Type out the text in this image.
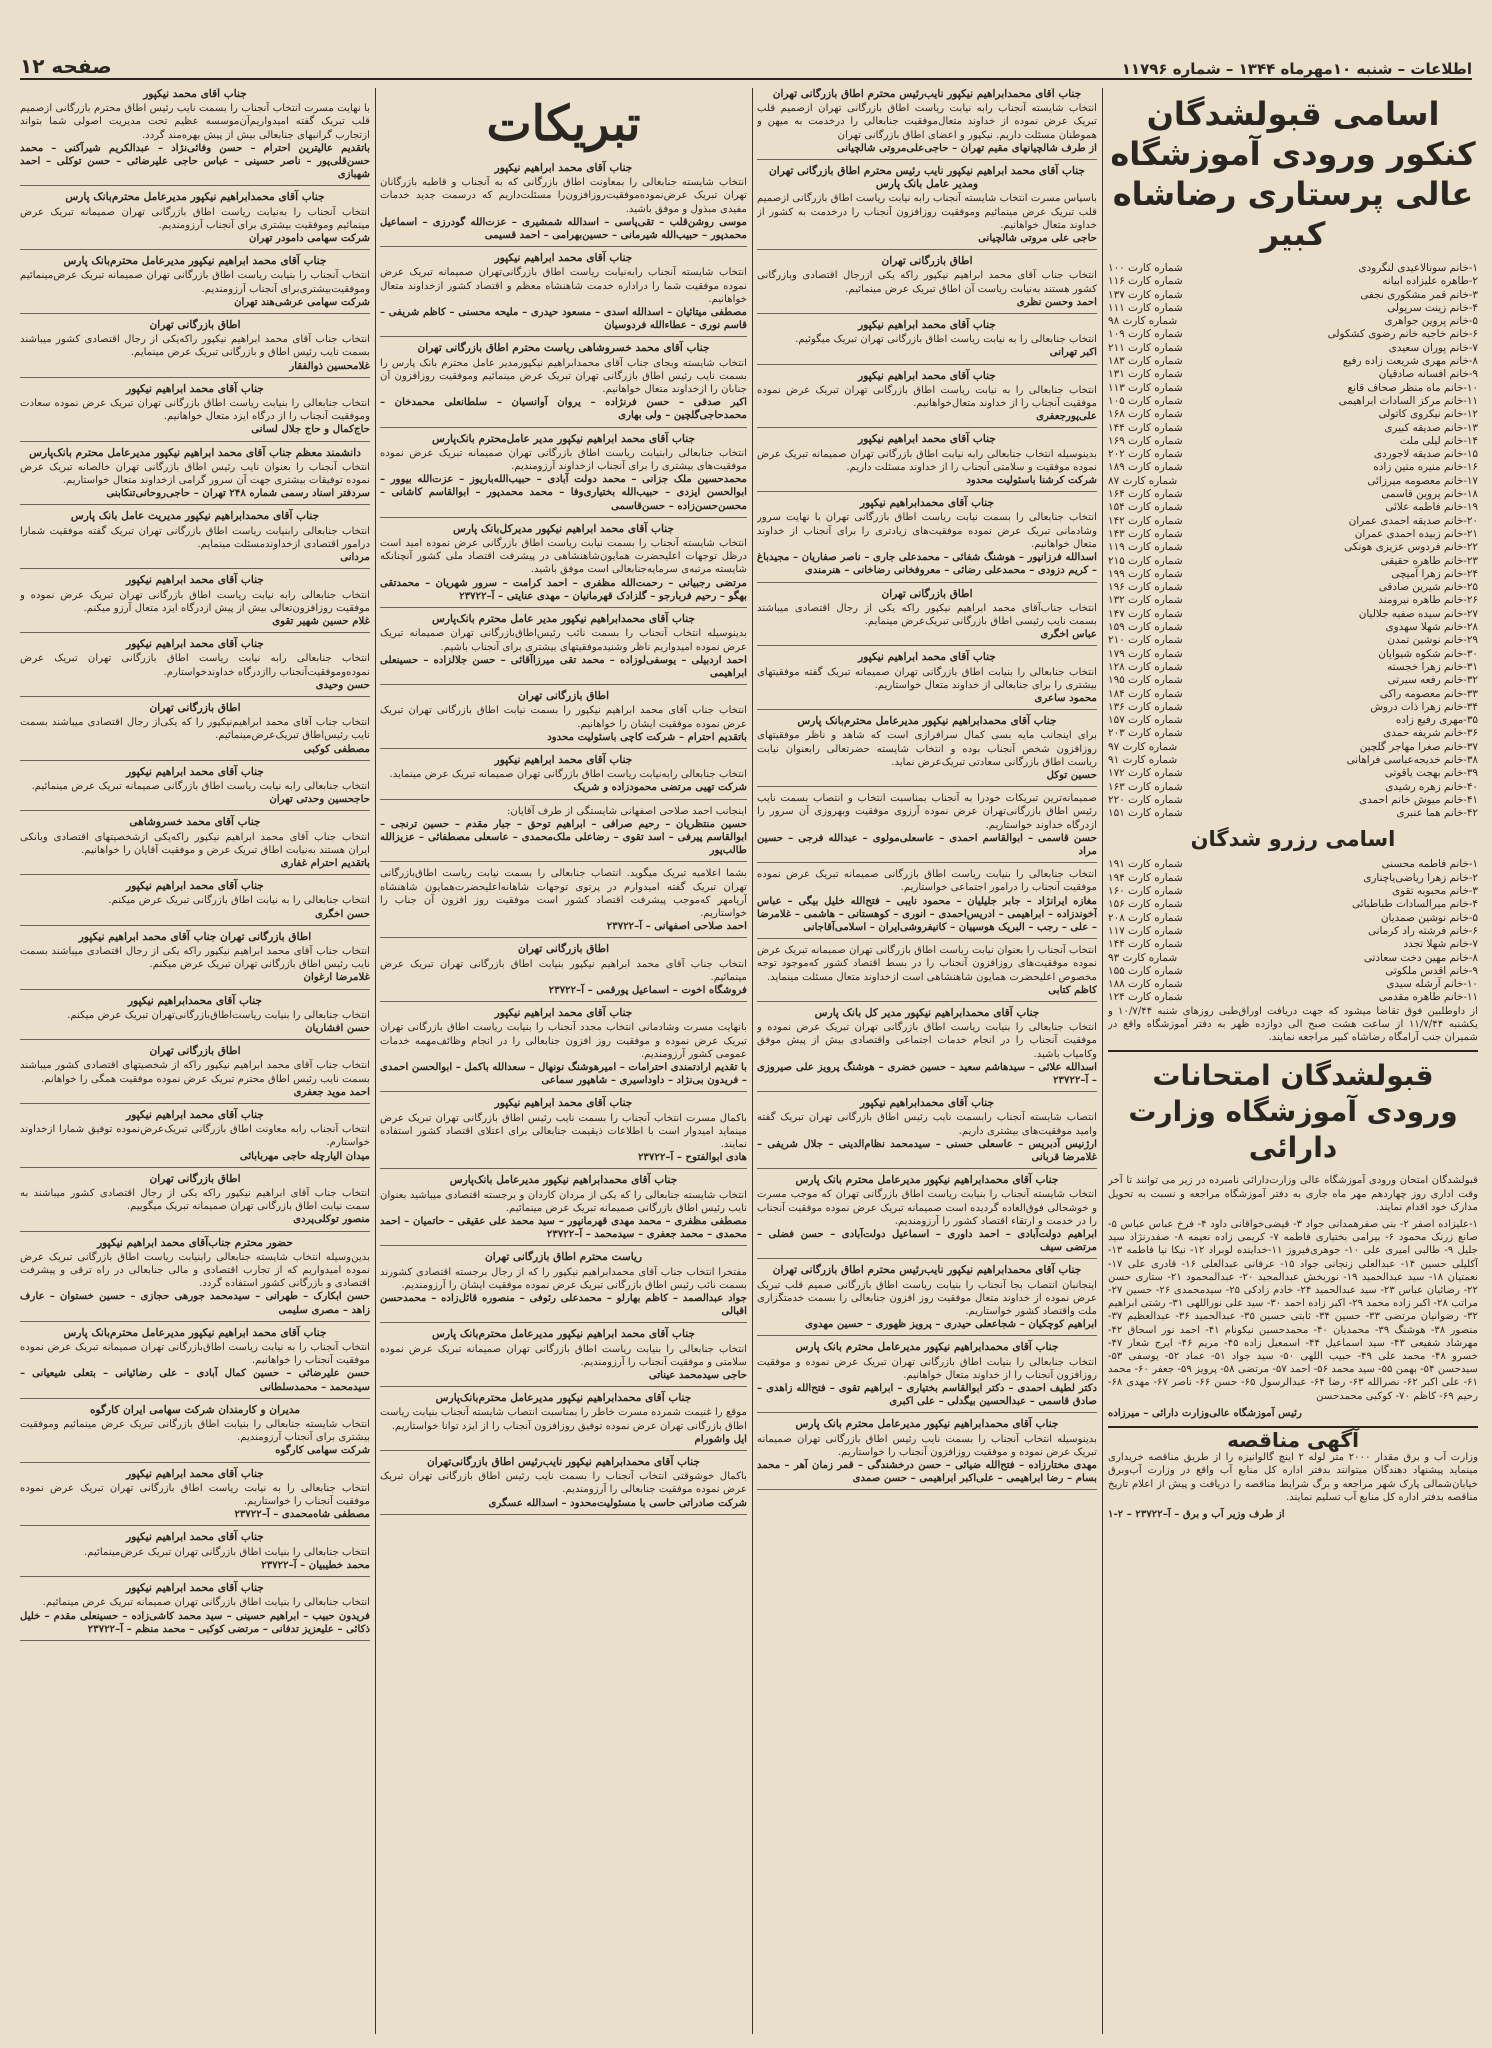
اطلاعات – شنبه ۱۰مهرماه ۱۳۴۴ – شماره ۱۱۷۹۶
صفحه ۱۲
اسامی قبولشدگان کنکور ورودی آموزشگاه عالی پرستاری رضاشاه کبیر
۱-خانم سونالاعیدی لنگرودی
شماره کارت ۱۰۰
۲-طاهره علیزاده ابیانه
شماره کارت ۱۱۶
۳-خانم قمر مشکوری نجفی
شماره کارت ۱۳۷
۴-خانم زینت سرپولی
شماره کارت ۱۱۱
۵-خانم پروین جواهری
شماره کارت ۹۸
۶-خانم خاجیه خانم رضوی کشکولی
شماره کارت ۱۰۹
۷-خانم پوران سعیدی
شماره کارت ۲۱۱
۸-خانم مهری شریعت زاده رفیع
شماره کارت ۱۸۳
۹-خانم افسانه صادقیان
شماره کارت ۱۳۱
۱۰-خانم ماه منظر صحاف قانع
شماره کارت ۱۱۳
۱۱-خانم مرکز السادات ابراهیمی
شماره کارت ۱۰۵
۱۲-خانم نیکروی کاتولی
شماره کارت ۱۶۸
۱۳-خانم صدیقه کبیری
شماره کارت ۱۴۴
۱۴-خانم لیلی ملت
شماره کارت ۱۶۹
۱۵-خانم صدیقه لاجوردی
شماره کارت ۲۰۲
۱۶-خانم منیره متین زاده
شماره کارت ۱۸۹
۱۷-خانم معصومه میرزائی
شماره کارت ۸۷
۱۸-خانم پروین قاسمی
شماره کارت ۱۶۴
۱۹-خانم فاطمه علائی
شماره کارت ۱۵۴
۲۰-خانم صدیقه احمدی عمران
شماره کارت ۱۴۲
۲۱-خانم زبیده احمدی عمران
شماره کارت ۱۴۳
۲۲-خانم فردوس عزیزی هونکی
شماره کارت ۱۱۹
۲۳-خانم طاهره حقیقی
شماره کارت ۲۱۵
۲۴-خانم زهرا آمیچی
شماره کارت ۱۹۹
۲۵-خانم شیرین صادقی
شماره کارت ۱۹۶
۲۶-خانم طاهره نیرومند
شماره کارت ۱۳۲
۲۷-خانم سیده صفیه جلالیان
شماره کارت ۱۴۷
۲۸-خانم شهلا سهدوی
شماره کارت ۱۵۹
۲۹-خانم نوشین تمدن
شماره کارت ۲۱۰
۳۰-خانم شکوه شیوایان
شماره کارت ۱۷۹
۳۱-خانم زهرا خجسته
شماره کارت ۱۲۸
۳۲-خانم رفعه سیرتی
شماره کارت ۱۹۵
۳۳-خانم معصومه راکی
شماره کارت ۱۸۴
۳۴-خانم زهرا ذات دروش
شماره کارت ۱۳۶
۳۵-مهری رفیع زاده
شماره کارت ۱۵۷
۳۶-خانم شریفه حمدی
شماره کارت ۲۰۳
۳۷-خانم صغرا مهاجر گلچین
شماره کارت ۹۷
۳۸-خانم خدیجه‌عباسی فراهانی
شماره کارت ۹۱
۳۹-خانم بهجت یاقوتی
شماره کارت ۱۷۲
۴۰-خانم زهره رشیدی
شماره کارت ۱۶۳
۴۱-خانم میوش خانم احمدی
شماره کارت ۲۲۰
۴۲-خانم هما عنبری
شماره کارت ۱۵۱
اسامی رزرو شدگان
۱-خانم فاطمه محسنی
شماره کارت ۱۹۱
۲-خانم زهرا ریاضی‌یاچناری
شماره کارت ۱۹۴
۳-خانم محبوبه تقوی
شماره کارت ۱۶۰
۴-خانم میرالسادات طباطبائی
شماره کارت ۱۵۶
۵-خانم نوشین صمدیان
شماره کارت ۲۰۸
۶-خانم فرشته راد کرمانی
شماره کارت ۱۱۷
۷-خانم شهلا تجدد
شماره کارت ۱۴۴
۸-خانم مهین دخت سعادتی
شماره کارت ۹۳
۹-خانم اقدس ملکوتی
شماره کارت ۱۵۵
۱۰-خانم آرشله سیدی
شماره کارت ۱۸۸
۱۱-خانم طاهره مقدمی
شماره کارت ۱۲۴

از داوطلبین فوق تقاضا میشود که جهت دریافت اوراق‌طبی روزهای شنبه ۱۰/۷/۴۴ و یکشنبه ۱۱/۷/۴۴ از ساعت هشت صبح الی دوازده ظهر به دفتر آموزشگاه واقع در شمیران جنب آرامگاه رضاشاه کبیر مراجعه نمایند.

قبولشدگان امتحانات ورودی آموزشگاه وزارت دارائی

قبولشدگان امتحان ورودی آموزشگاه عالی وزارت‌دارائی نامبرده در زیر می توانند تا آخر وقت اداری روز چهاردهم مهر ماه جاری به دفتر آموزشگاه مراجعه و نسبت به تحویل مدارک خود اقدام نمایند.

۱-علیزاده اصفر ۲- بنی صفرهمدانی جواد ۳- قیضی‌خواقانی داود ۴- فرخ عباس عباس ۵- صانع زرنک محمود ۶- بیرامی بختیاری فاطمه ۷- کریمی زاده نعیمه ۸- صفدرنژاد سید جلیل ۹- طالبی امیری علی ۱۰- جوهری‌فیروز ۱۱-خداینده لوبراد ۱۲- نیکا نیا فاطمه ۱۳- آکلیلی حسین ۱۴- عبدالعلی زنجانی جواد ۱۵- عرفانی عبدالعلی ۱۶- قادری علی ۱۷- نعمتیان ۱۸- سید عبدالحمید ۱۹- نوربخش عبدالمجید ۲۰- عبدالمحمود ۲۱- ستاری حسن ۲۲- رضائیان عباس ۲۳- سید عبدالحمید ۲۴- خادم زادکی ۲۵- سیدمحمدی ۲۶- حسین ۲۷- مراتب ۲۸- اکبر زاده محمد ۲۹- اکبر زاده احمد ۳۰- سید علی نوراللهی ۳۱- رشتی ابراهیم ۳۲- رضوانیان مرتضی ۳۳- حسین ۳۴- ثابتی حسین ۳۵- عبدالحمید ۳۶- عبدالعظیم ۳۷- منصور ۳۸- هوشنگ ۳۹- محمدیان ۴۰- محمدحسین نیکونام ۴۱- احمد نور اسحاق ۴۲- مهرشاد شفیعی ۴۳- سید اسماعیل ۴۴- اسمعیل زاده ۴۵- مریم ۴۶- ایرج شعار ۴۷- خسرو ۴۸- محمد علی ۴۹- حبیب اللهی ۵۰- سید جواد ۵۱- عماد ۵۲- یوسفی ۵۳- سیدحسن ۵۴- بهمن ۵۵- سید محمد ۵۶- احمد ۵۷- مرتضی ۵۸- پرویز ۵۹- جعفر ۶۰- محمد ۶۱- علی اکبر ۶۲- نصرالله ۶۳- رضا ۶۴- عبدالرسول ۶۵- حسن ۶۶- ناصر ۶۷- مهدی ۶۸- رحیم ۶۹- کاظم ۷۰- کوکبی محمدحسن

رئیس آموزشگاه عالی‌وزارت دارائی – میرزاده

آگهی مناقصه

وزارت آب و برق مقدار ۲۰۰۰ متر لوله ۲ اینچ گالوانیزه را از طریق مناقصه خریداری مینماید پیشنهاد دهندگان میتوانند بدفتر اداره کل منابع آب واقع در وزارت آب‌وبرق خیابان‌شمالی پارک شهر مراجعه و برگ شرایط مناقصه را دریافت و پیش از اعلام تاریخ مناقصه بدفتر اداره کل منابع آب تسلیم نمایند.

از طرف وزیر آب و برق – آ–۲۳۷۲۲ – ۲-۱

جناب آقای محمدابراهیم نیکپور نایب‌رئیس محترم اطاق بازرگانی تهران
انتخاب شایسته آنجناب رابه نیابت ریاست اطاق بازرگانی تهران ازصمیم قلب تبریک عرض نموده از خداوند متعال‌موفقیت جنابعالی را درخدمت به میهن و هموطنان مسئلت داریم. نیکپور و اعضای اطاق بازرگانی تهران
از طرف شالچیانهای مقیم تهران – حاجی‌علی‌مروتی شالچیانی
جناب آقای محمد ابراهیم نیکپور نایب رئیس محترم اطاق بازرگانی تهران ومدیر عامل بانک پارس
باسپاس مسرت انتخاب شایسته آنجناب رابه نیابت ریاست اطاق بازرگانی ازصمیم قلب تبریک عرض مینمائیم وموفقیت روزافزون آنجناب را درخدمت به کشور از خداوند متعال خواهانیم.
حاجی علی مروتی شالچیانی
اطاق بازرگانی تهران
انتخاب جناب آقای محمد ابراهیم نیکپور راکه یکی ازرجال اقتصادی وبازرگانی کشور هستند به‌نیابت ریاست آن اطاق تبریک عرض مینمائیم.
احمد وحسن نظری
جناب آقای محمد ابراهیم نیکپور
انتخاب جنابعالی را به نیابت ریاست اطاق بازرگانی تهران تبریک میگوئیم.
اکبر تهرانی
جناب آقای محمد ابراهیم نیکپور
انتخاب جنابعالی را به نیابت ریاست اطاق بازرگانی تهران تبریک عرض نموده موفقیت آنجناب را از خداوند متعال‌خواهانیم.
علی‌پورجعفری
جناب آقای محمد ابراهیم نیکپور
بدینوسیله انتخاب جنابعالی رابه نیابت اطاق بازرگانی تهران صمیمانه تبریک عرض نموده موفقیت و سلامتی آنجناب را از خداوند مسئلت داریم.
شرکت کرشنا باسئولیت محدود
جناب آقای محمدابراهیم نیکپور
انتخاب جنابعالی را بسمت نیابت ریاست اطاق بازرگانی تهران با نهایت سرور وشادمانی تبریک عرض نموده موفقیت‌های زیادتری را برای آنجناب از خداوند متعال خواهانیم.
اسدالله فرزانپور – هوشنگ شفائی – محمدعلی جاری – ناصر صفاریان – مجید‌باغ – کریم دزودی – محمدعلی رضائی – معروفخانی رضاخانی – هنرمندی
اطاق بازرگانی تهران
انتخاب جناب‌آقای محمد ابراهیم نیکپور راکه یکی از رجال اقتصادی میباشند بسمت نایب رئیسی اطاق بازرگانی تبریک‌عرض مینمایم.
عباس اخگری
جناب آقای محمد ابراهیم نیکپور
انتخاب جنابعالی را بنیابت اطاق بازرگانی تهران صمیمانه تبریک گفته موفقیتهای بیشتری را برای جنابعالی از خداوند متعال خواستاریم.
محمود ساعری
جناب آقای محمدابراهیم نیکپور مدیرعامل محترم‌بانک پارس
برای اینجانب مایه بسی کمال سرافرازی است که شاهد و ناظر موفقیتهای روزافزون شخص آنجناب بوده و انتخاب شایسته حضرتعالی رابعنوان نیابت ریاست اطاق بازرگانی سعادتی تبریک‌عرض نماید.
حسین توکل
صمیمانه‌ترین تبریکات خودرا به آنجناب بمناسبت انتخاب و انتصاب بسمت نایب رئیس اطاق بازرگانی‌تهران عرض نموده آرزوی موفقیت وبهروزی آن سرور را ازدرگاه خداوند خواستاریم.
حسن قاسمی – ابوالقاسم احمدی – عاسعلی‌مولوی – عبدالله فرجی – حسین مراد
انتخاب جنابعالی را بنیابت ریاست اطاق بازرگانی صمیمانه تبریک عرض نموده موفقیت آنجناب را درامور اجتماعی خواستاریم.
مغازه ایرانژاد – جابر جلیلیان – محمود نایبی – فتح‌الله خلیل بیگی – عباس آخوندزاده – ابراهیمی – ادریس‌احمدی – انوری – کوهستانی – هاشمی – غلامرضا – علی – رجب – البریک هوسپیان – کانیفروشی‌ایران – اسلامی‌آقاجانی
انتخاب آنجناب را بعنوان نیابت ریاست اطاق بازرگانی تهران صمیمانه تبریک عرض نموده موفقیت‌های روزافزون آنجناب را در بسط اقتصاد کشور که‌موجود توجه مخصوص اعلیحضرت همایون شاهنشاهی است ازخداوند متعال مسئلت مینماید.
کاظم کتابی
جناب آقای محمدابراهیم نیکپور مدیر کل بانک پارس
انتخاب جنابعالی را بنیابت ریاست اطاق بازرگانی تهران تبریک عرض نموده و موفقیت آنجناب را در انجام خدمات اجتماعی واقتصادی بیش از پیش موفق وکامیاب باشید.
اسدالله علائی – سیدهاشم سعید – حسین خضری – هوشنگ پرویز علی صیروزی – آ–۲۳۷۲۲
جناب آقای محمدابراهیم نیکپور
انتصاب شایسته آنجناب رابسمت نایب رئیس اطاق بازرگانی تهران تبریک گفته وامید موفقیت‌های بیشتری داریم.
ارژنیس آدبریس – عاسعلی حسنی – سیدمحمد نظام‌الدینی – جلال شریفی – غلامرضا قربانی
جناب آقای محمدابراهیم نیکپور مدیرعامل محترم بانک پارس
انتخاب شایسته آنجناب را بنیابت ریاست اطاق بازرگانی تهران که موجب مسرت و خوشحالی فوق‌العاده گردیده است صمیمانه تبریک عرض نموده موفقیت آنجناب را در خدمت و ارتقاء اقتصاد کشور را آرزومندیم.
ابراهیم دولت‌آبادی – احمد داوری – اسماعیل دولت‌آبادی – حسن فضلی – مرتضی سیف
جناب آقای محمدابراهیم نیکپور نایب‌رئیس محترم اطاق بازرگانی تهران
اینجانبان انتصاب بجا آنجناب را بنیابت ریاست اطاق بازرگانی صمیم قلب تبریک عرض نموده از خداوند متعال موفقیت روز افزون جنابعالی را بسمت خدمتگزاری ملت واقتصاد کشور خواستاریم.
ابراهیم کوچکیان – شجاععلی حیدری – پرویز ظهوری – حسین مهدوی
جناب آقای محمدابراهیم نیکپور مدیرعامل محترم بانک پارس
انتخاب جنابعالی را بنیابت اطاق بازرگانی تهران تبریک عرض نموده و موفقیت روزافزون آنجناب را از خداوند متعال خواهانیم.
دکتر لطیف احمدی – دکتر ابوالقاسم بختیاری – ابراهیم تقوی – فتح‌الله زاهدی – صادق قاسمی – عبدالحسین بیگدلی – علی اکبری
جناب آقای محمدابراهیم نیکپور مدیرعامل محترم بانک پارس
بدینوسیله انتخاب آنجناب را بسمت نایب رئیس اطاق بازرگانی تهران صمیمانه تبریک عرض نموده و موفقیت روزافزون آنجناب را خواستاریم.
مهدی مختارزاده – فتح‌الله ضیائی – حسن درخشندگی – قمر زمان آهر – محمد بسام – رضا ابراهیمی – علی‌اکبر ابراهیمی – حسن صمدی
تبریکات
جناب آقای محمد ابراهیم نیکپور
انتخاب شایسته جنابعالی را بمعاونت اطاق بازرگانی که به آنجناب و قاطبه بازرگانان تهران تبریک عرض‌نموده‌موفقیت‌روز‌افزون‌را مسئلت‌داریم که درسمت جدید خدمات مفیدی مبذول و موفق باشید.
موسی روشن‌قلب – تقی‌پاسی – اسدالله شمشیری – عزت‌الله گودرزی – اسماعیل محمدپور – حبیب‌الله شیرمانی – حسین‌بهرامی – احمد قسیمی
جناب آقای محمد ابراهیم نیکپور
انتخاب شایسته آنجناب رابه‌نیابت ریاست اطاق بازرگانی‌تهران صمیمانه تبریک عرض نموده موفقیت شما را دراداره خدمت شاهنشاه معظم و اقتصاد کشور ازخداوند متعال خواهانیم.
مصطفی میتائیان – اسدالله اسدی – مسعود حیدری – ملیحه محسنی – کاظم شریفی – قاسم نوری – عطاءالله فردوسیان
جناب آقای محمد خسروشاهی ریاست محترم اطاق بازرگانی تهران
انتخاب شایسته وبجای جناب آقای محمدابراهیم نیکپورمدیر عامل محترم بانک پارس را بسمت نایب رئیس اطاق بازرگانی تهران تبریک عرض مینمائیم وموفقیت روزافزون آن جنابان را ازخداوند متعال خواهانیم.
اکبر صدقی – حسن فرنژاده – یروان آوانسیان – سلطانعلی محمدخان – محمدحاجی‌گلچین – ولی بهاری
جناب آقای محمد ابراهیم نیکپور مدیر عامل‌محترم بانک‌پارس
انتخاب جنابعالی رابنیابت ریاست اطاق بازرگانی تهران صمیمانه تبریک عرض نموده موفقیت‌های بیشتری را برای آنجناب ازخداوند آرزومندیم.
محمدحسین ملک جزانی – محمد دولت آبادی – حبیب‌الله‌باریوز – عزت‌الله بیوور – ابوالحسن ایزدی – حبیب‌الله بختیاری‌وفا – محمد محمدپور – ابوالقاسم کاشانی – محسن‌حسن‌زاده – حسن‌قاسمی
جناب آقای محمد ابراهیم نیکپور مدیرکل‌بانک پارس
انتخاب شایسته آنجناب را بسمت نیابت ریاست اطاق بازرگانی عرض نموده امید است درظل توجهات اعلیحضرت همایون‌شاهنشاهی در پیشرفت اقتصاد ملی کشور آنچنانکه شایسته مرتبه‌ی سرمایه‌جنابعالی است موفق باشید.
مرتضی رجبیانی – رحمت‌الله مظفری – احمد کرامت – سرور شهریان – محمدتقی بهگو – رحیم فربارجو – گلزادک قهرمانیان – مهدی عنایتی – آ–۲۳۷۲۲
جناب آقای محمدابراهیم نیکپور مدیر عامل محترم بانک‌پارس
بدینوسیله انتخاب آنجناب را بسمت نائب رئیس‌اطاق‌بازرگانی تهران صمیمانه تبریک عرض نموده امیدواریم ناظر وشنیدموفقیتهای بیشتری برای آنجناب باشیم.
احمد اردبیلی – یوسفی‌لوزاده – محمد تقی میرزاآقائی – حسن جلالزاده – حسینعلی ابراهیمی
اطاق بازرگانی تهران
انتخاب جناب آقای محمد ابراهیم نیکپور را بسمت نیابت اطاق بازرگانی تهران تبریک عرض نموده موفقیت ایشان را خواهانیم.
باتقدیم احترام – شرکت کاچی باسئولیت محدود
جناب آقای محمد ابراهیم نیکپور
انتخاب جنابعالی رابه‌نیابت ریاست اطاق بازرگانی تهران صمیمانه تبریک عرض مینماید.
شرکت تهیی مرتضی محمودزاده و شریک
اینجانب احمد صلاحی اصفهانی شایستگی از طرف آقایان:
حسین منتظریان – رحیم صرافی – ابراهیم توحق – جبار مقدم – حسین ترنجی – ابوالقاسم پیرفی – اسد تقوی – رضاعلی ملک‌محمدی – عاسعلی مصطفائی – عزیزالله طالب‌پور
بشما اعلامیه تبریک میگوید. انتصاب جنابعالی را بسمت نیابت ریاست اطاق‌بازرگانی تهران تبریک گفته امیدوارم در پرتوی توجهات شاهانه‌اعلیحضرت‌همایون شاهنشاه آریامهر که‌موجب پیشرفت اقتصاد کشور است موفقیت روز افزون آن جناب را خواستاریم.
احمد صلاحی اصفهانی – آ–۲۳۷۲۲
اطاق بازرگانی تهران
انتخاب جناب آقای محمد ابراهیم نیکپور بنیابت اطاق بازرگانی تهران تبریک عرض مینمائیم.
فروشگاه اخوت – اسماعیل پورقمی – آ–۲۳۷۲۲
جناب آقای محمد ابراهیم نیکپور
بانهایت مسرت وشادمانی انتخاب مجدد آنجناب را بنیابت ریاست اطاق بازرگانی تهران تبریک عرض نموده و موفقیت روز افزون جنابعالی را در انجام وظائف‌مهمه خدمات عمومی کشور آرزومندیم.
با تقدیم ارادتمندی احترامات – امیرهوشنگ نونهال – سعدالله باکمل – ابوالحسن احمدی – فریدون بی‌نژاد – داوداسیری – شاهپور سماعی
جناب آقای محمد ابراهیم نیکپور
باکمال مسرت انتخاب آنجناب را بسمت نایب رئیس اطاق بازرگانی تهران تبریک عرض مینماید امیدوار است با اطلاعات ذیقیمت جنابعالی برای اعتلای اقتصاد کشور استفاده نمایند.
هادی ابوالفتوح – آ–۲۳۷۲۲
جناب آقای محمدابراهیم نیکپور مدیرعامل بانک‌پارس
انتخاب شایسته جنابعالی را که یکی از مردان کاردان و برجسته اقتصادی میباشید بعنوان نایب رئیس اطاق بازرگانی صمیمانه تبریک عرض مینمائیم.
مصطفی مظفری – محمد مهدی قهرمانپور – سید محمد علی عقیقی – حاتمیان – احمد محمدی – محمد جعفری – سیدمحمد – آ–۲۳۷۲۲
ریاست محترم اطاق بازرگانی تهران
مفتخرا انتخاب جناب آقای محمدابراهیم نیکپور را که از رجال برجسته اقتصادی کشورند بسمت نائب رئیس اطاق بازرگانی تبریک عرض نموده موفقیت ایشان را آرزومندیم.
جواد عبدالصمد – کاظم بهارلو – محمدعلی رئوفی – منصوره قائل‌زاده – محمدحسن اقبالی
جناب آقای محمد ابراهیم نیکپور مدیرعامل محترم‌بانک پارس
انتخاب جنابعالی را بنیابت ریاست اطاق بازرگانی تهران صمیمانه تبریک عرض نموده سلامتی و موفقیت آنجناب را آرزومندیم.
حاجی سیدمحمد عیناتی
جناب آقای محمدابراهیم نیکپور مدیرعامل محترم‌بانک‌پارس
موقع را غنیمت شمرده مسرت خاطر را بمناسبت انتصاب شایسته آنجناب بنیابت ریاست اطاق بازرگانی تهران عرض نموده توفیق روزافزون آنجناب را از ایزد توانا خواستاریم.
ایل واشورام
جناب آقای محمدابراهیم نیکپور نایب‌رئیس اطاق بازرگانی‌تهران
باکمال خوشوقتی انتخاب آنجناب را بسمت نایب رئیس اطاق بازرگانی تهران تبریک عرض نموده موفقیت جنابعالی را آرزومندیم.
شرکت صادراتی حاسی با مسئولیت‌محدود – اسدالله عسگری
جناب آقای محمد نیکپور
با نهایت مسرت انتخاب آنجناب را بسمت نایب رئیس اطاق محترم بازرگانی ازصمیم قلب تبریک گفته امیدواریم‌آن‌موسسه عظیم تحت مدیریت اصولی شما بتواند ازتجارب گرانبهای جنابعالی بیش از پیش بهره‌مند گردد.
باتقدیم عالیترین احترام – حسن وفائی‌نژاد – عبدالکریم شیرآکنی – محمد حسن‌قلی‌پور – ناصر حسینی – عباس حاجی علیرضائی – حسن توکلی – احمد شهبازی
جناب آقای محمدابراهیم نیکپور مدیرعامل محترم‌بانک پارس
انتخاب آنجناب را به‌نیابت ریاست اطاق بازرگانی تهران صمیمانه تبریک عرض مینمائیم وموفقیت بیشتری برای آنجناب آرزومندیم.
شرکت سهامی دامودر تهران
جناب آقای محمد ابراهیم نیکپور مدیرعامل محترم‌بانک پارس
انتخاب آنجناب را بنیابت ریاست اطاق بازرگانی تهران صمیمانه تبریک عرض‌مینمائیم وموفقیت‌بیشتری‌برای آنجناب آرزومندیم.
شرکت سهامی عرشی‌هند تهران
اطاق بازرگانی تهران
انتخاب جناب آقای محمد ابراهیم نیکپور راکه‌یکی از رجال اقتصادی کشور میباشند بسمت نایب رئیس اطاق و بازرگانی تبریک عرض مینمایم.
غلامحسین ذوالفقار
جناب آقای محمد ابراهیم نیکپور
انتخاب جنابعالی را بنیابت ریاست اطاق بازرگانی تهران تبریک عرض نموده سعادت وموفقیت آنجناب را از درگاه ایزد متعال خواهانیم.
حاج‌کمال و حاج جلال لسانی
دانشمند معظم جناب آقای محمد ابراهیم نیکپور مدیرعامل محترم بانک‌پارس
انتخاب آنجناب را بعنوان نایب رئیس اطاق بازرگانی تهران خالصانه تبریک عرض نموده توفیقات بیشتری جهت آن سرور گرامی ازخداوند متعال خواستاریم.
سردفتر اسناد رسمی شماره ۲۴۸ تهران – حاجی‌روحانی‌تنکابنی
جناب آقای محمدابراهیم نیکپور مدیریت عامل بانک پارس
انتخاب جنابعالی رابنیابت ریاست اطاق بازرگانی تهران تبریک گفته موفقیت شمارا درامور اقتصادی ازخداوند‌مسئلت مینمایم.
مردانی
جناب آقای محمد ابراهیم نیکپور
انتخاب جنابعالی رابه نیابت ریاست اطاق بازرگانی تهران تبریک عرض نموده و موفقیت روزافزون‌تعالی بیش از پیش ازدرگاه ایزد متعال آرزو میکنم.
غلام حسین شهیر تقوی
جناب آقای محمد ابراهیم نیکپور
انتخاب جنابعالی رابه نیابت ریاست اطاق بازرگانی تهران تبریک عرض نموده‌وموفقیت‌آنجناب راازدرگاه خداوندخواستارم.
حسن وحیدی
اطاق بازرگانی تهران
انتخاب جناب آقای محمد ابراهیم‌نیکپور را که یکی‌از رجال اقتصادی میباشند بسمت نایب رئیس‌اطاق تبریک‌عرض‌مینمائیم.
مصطفی کوکبی
جناب آقای محمد ابراهیم نیکپور
انتخاب جنابعالی رابه نیابت ریاست اطاق بازرگانی صمیمانه تبریک عرض مینمائیم.
حاجحسین وحدتی تهران
جناب آقای محمد خسروشاهی
انتخاب جناب آقای محمد ابراهیم نیکپور راکه‌یکی ازشخصیتهای اقتصادی وبانکی ایران هستند به‌نیابت اطاق تبریک عرض و موفقیت آقایان را خواهانیم.
باتقدیم احترام غفاری
جناب آقای محمد ابراهیم نیکپور
انتخاب جنابعالی را به نیابت اطاق بازرگانی تبریک عرض میکنم.
حسن اخگری
اطاق بازرگانی تهران جناب آقای محمد ابراهیم نیکپور
انتخاب جناب آقای محمد ابراهیم نیکپور راکه یکی از رجال اقتصادی میباشند بسمت نایب رئیس اطاق بازرگانی تهران تبریک عرض میکنم.
غلامرضا ارغوان
جناب آقای محمدابراهیم نیکپور
انتخاب جنابعالی را بنیابت ریاست‌اطاق‌بازرگانی‌تهران تبریک عرض میکنم.
حسن افشاریان
اطاق بازرگانی تهران
انتخاب جناب آقای محمد ابراهیم نیکپور راکه از شخصیتهای اقتصادی کشور میباشند بسمت نایب رئیس اطاق محترم تبریک عرض نموده موفقیت همگی را خواهانم.
احمد موید جعفری
جناب آقای محمد ابراهیم نیکپور
انتخاب آنجناب رابه معاونت اطاق بازرگانی تبریک‌عرض‌نموده توفیق شمارا ازخداوند خواستارم.
میدان الیارچله حاجی مهربابائی
اطاق بازرگانی تهران
انتخاب جناب آقای ابراهیم نیکپور راکه یکی از رجال اقتصادی کشور میباشند به سمت نیابت اطاق بازرگانی تهران صمیمانه تبریک میگوییم.
منصور توکلی‌پردی
حضور محترم جناب‌آقای محمد ابراهیم نیکپور
بدین‌وسیله انتخاب شایسته جنابعالی رابنیابت ریاست اطاق بازرگانی تبریک عرض نموده امیدواریم که از تجارب اقتصادی و مالی جنابعالی در راه ترقی و پیشرفت اقتصادی و بازرگانی کشور استفاده گردد.
حسن ابکارک – طهرانی – سیدمحمد جورهی حجازی – حسین خستوان – عارف زاهد – مصری سلیمی
جناب آقای محمد ابراهیم نیکپور مدیرعامل محترم‌بانک پارس
انتخاب آنجناب را به نیابت ریاست اطاق‌بازرگانی تهران صمیمانه تبریک عرض نموده موفقیت آنجناب را خواهانیم.
حسن علیرضائی – حسین کمال آبادی – علی رضائیانی – بتعلی شیعیانی – سیدمحمد – محمدسلطانی
مدیران و کارمندان شرکت سهامی ایران کارگوه
انتخاب شایسته جنابعالی را بنیابت اطاق بازرگانی تبریک عرض مینمائیم وموفقیت بیشتری برای آنجناب آرزومندیم.
شرکت سهامی کارگوه
جناب آقای محمد ابراهیم نیکپور
انتخاب جنابعالی را به نیابت ریاست اطاق بازرگانی تهران تبریک عرض نموده موفقیت آنجناب را خواستاریم.
مصطفی شاه‌محمدی – آ–۲۳۷۲۲
جناب آقای محمد ابراهیم نیکپور
انتخاب جنابعالی را بنیابت اطاق بازرگانی تهران تبریک عرض‌مینمائیم.
محمد خطیبیان – آ–۲۳۷۲۲
جناب آقای محمد ابراهیم نیکپور
انتخاب جنابعالی را بنیابت اطاق بازرگانی تهران صمیمانه تبریک عرض مینمائیم.
فریدون حبیب – ابراهیم حسینی – سید محمد کاشی‌زاده – حسینعلی مقدم – خلیل ذکائی – علیعزیز تدفانی – مرتضی کوکبی – محمد منظم – آ–۲۳۷۲۲
